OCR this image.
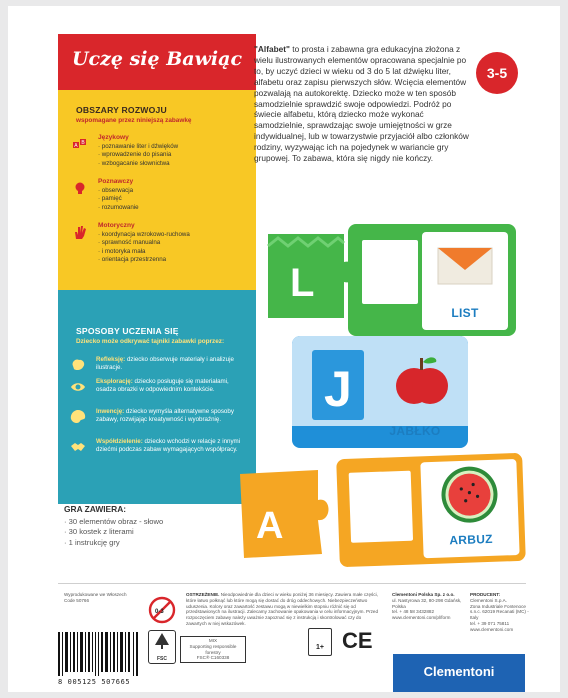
Uczę się Bawiąc
OBSZARY ROZWOJU
wspomagane przez niniejszą zabawkę
A B
Językowy
· poznawanie liter i dźwięków
· wprowadzenie do pisania
· wzbogacanie słownictwa
Poznawczy
· obserwacja
· pamięć
· rozumowanie
Motoryczny
· koordynacja wzrokowo-ruchowa
· sprawność manualna
· i motoryka mała
· orientacja przestrzenna
SPOSOBY UCZENIA SIĘ
Dziecko może odkrywać tajniki zabawki poprzez:
Refleksję: dziecko obserwuje materiały i analizuje ilustracje.
Eksplorację: dziecko posługuje się materiałami, osadza obrazki w odpowiednim kontekście.
Inwencję: dziecko wymyśla alternatywne sposoby zabawy, rozwijając kreatywność i wyobraźnię.
Współdzielenie: dziecko wchodzi w relacje z innymi dziećmi podczas zabaw wymagających współpracy.
3-5
"Alfabet" to prosta i zabawna gra edukacyjna złożona z wielu ilustrowanych elementów opracowana specjalnie po to, by uczyć dzieci w wieku od 3 do 5 lat dźwięku liter, alfabetu oraz zapisu pierwszych słów. Wcięcia elementów pozwalają na autokorektę. Dziecko może w ten sposób samodzielnie sprawdzić swoje odpowiedzi. Podróż po świecie alfabetu, którą dziecko może wykonać samodzielnie, sprawdzając swoje umiejętności w grze indywidualnej, lub w towarzystwie przyjaciół albo członków rodziny, wyzywając ich na pojedynek w wariancie gry grupowej. To zabawa, która się nigdy nie kończy.
L
LIST
J
JABŁKO
A	ARBUZ
GRA ZAWIERA:
· 30 elementów obraz - słowo
· 30 kostek z literami
· 1 instrukcję gry
Wyprodukowane we Włoszech
Code 50766
0-3
OSTRZEŻENIE. Nieodpowiednie dla dzieci w wieku poniżej 36 miesięcy. Zawiera małe części, które łatwo połknąć lub które mogą się dostać do dróg oddechowych. Niebezpieczeństwo uduszenia. Kolory oraz zawartość zestawu mogą w niewielkim stopniu różnić się od przedstawionych na ilustracji. Zalecamy zachowanie opakowania w celu informacyjnym. Przed rozpoczęciem zabawy należy uważnie zapoznać się z instrukcją i skontrolować czy do zawartych w niej wskazówek.
FSC
MIX
Supporting responsible forestry
FSC® C160338
Clementoni Polska Sp. z o.o.
ul. Nastyrowa 32, 80-298 Gdańsk, Polska
tel. + 48 58 3432882
www.clementoni.com/pl/form
PRODUCENT:
Clementoni S.p.A.
Zona Industriale Fontenoce s.n.c. 62019 Recanati (MC) - Italy
tel. + 39 071 75811
www.clementoni.com
1+ CE
8 005125 507665
Clementoni
